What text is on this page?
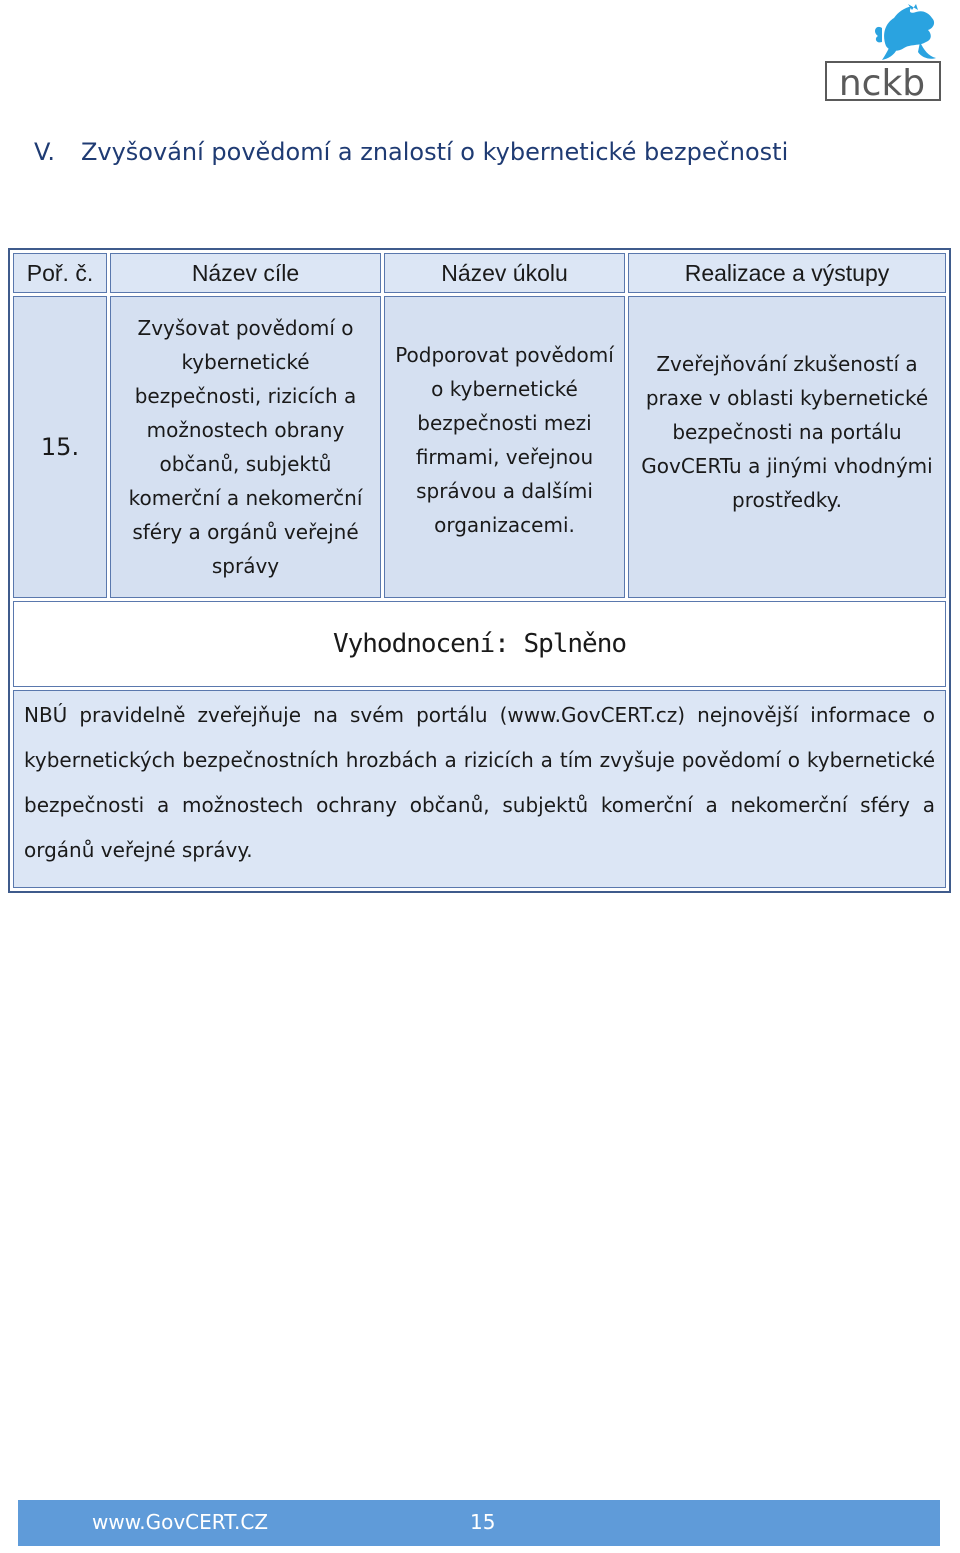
nckb
V. Zvyšování povědomí a znalostí o kybernetické bezpečnosti
Poř. č.	Název cíle	Název úkolu	Realizace a výstupy
15.	Zvyšovat povědomí o kybernetické bezpečnosti, rizicích a možnostech obrany občanů, subjektů komerční a nekomerční sféry a orgánů veřejné správy	Podporovat povědomí o kybernetické bezpečnosti mezi firmami, veřejnou správou a dalšími organizacemi.	Zveřejňování zkušeností a praxe v oblasti kybernetické bezpečnosti na portálu GovCERTu a jinými vhodnými prostředky.
Vyhodnocení: Splněno			
NBÚ pravidelně zveřejňuje na svém portálu (www.GovCERT.cz) nejnovější informace o kybernetických bezpečnostních hrozbách a rizicích a tím zvyšuje povědomí o kybernetické bezpečnosti a možnostech ochrany občanů, subjektů komerční a nekomerční sféry a orgánů veřejné správy.			
www.GovCERT.CZ	15
